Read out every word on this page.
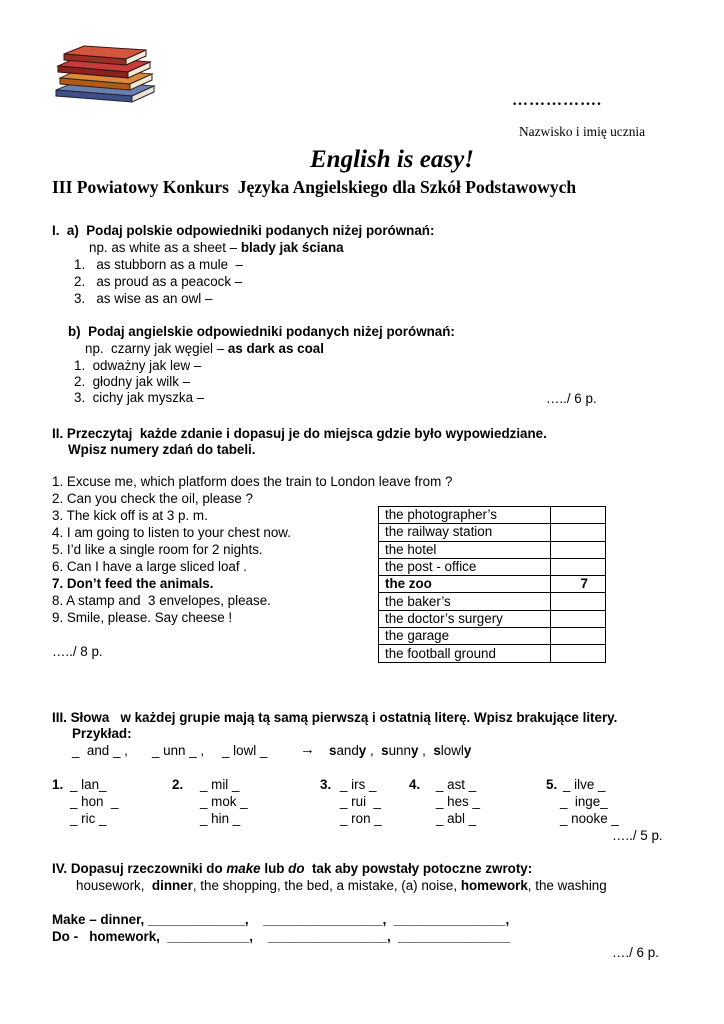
…………….
Nazwisko i imię ucznia
English is easy!
III Powiatowy Konkurs  Języka Angielskiego dla Szkół Podstawowych
I.  a)  Podaj polskie odpowiedniki podanych niżej porównań:
np. as white as a sheet – blady jak ściana
1.   as stubborn as a mule  –
2.   as proud as a peacock –
3.   as wise as an owl –
b)  Podaj angielskie odpowiedniki podanych niżej porównań:
np.  czarny jak węgiel – as dark as coal
1.  odważny jak lew –
2.  głodny jak wilk –
3.  cichy jak myszka –	…../ 6 p.
II. Przeczytaj  każde zdanie i dopasuj je do miejsca gdzie było wypowiedziane.
Wpisz numery zdań do tabeli.
1. Excuse me, which platform does the train to London leave from ?
2. Can you check the oil, please ?
3. The kick off is at 3 p. m.
4. I am going to listen to your chest now.
5. I’d like a single room for 2 nights.
6. Can I have a large sliced loaf .
7. Don’t feed the animals.
8. A stamp and  3 envelopes, please.
9. Smile, please. Say cheese !
…../ 8 p.
the photographer’s	
the railway station	
the hotel	
the post - office	
the zoo	7
the baker’s	
the doctor’s surgery	
the garage	
the football ground	
III. Słowa   w każdej grupie mają tą samą pierwszą i ostatnią literę. Wpisz brakujące litery.
Przykład:
_  and _ , _ unn _ , _ lowl _ → sandy , sunny , slowly
1. _ lan_
_ hon  _
_ ric _
2. _ mil _
_ mok _
_ hin _
3. _ irs _
_ rui  _
_ ron _
4. _ ast _
_ hes _
_ abl _
5. _ ilve _
_  inge_
_ nooke _
…../ 5 p.
IV. Dopasuj rzeczowniki do make lub do  tak aby powstały potoczne zwroty:
housework,  dinner, the shopping, the bed, a mistake, (a) noise, homework, the washing
Make – dinner, _____________,    ________________,  _______________,
Do -   homework,  ___________,    ________________,  _______________
…./ 6 p.
